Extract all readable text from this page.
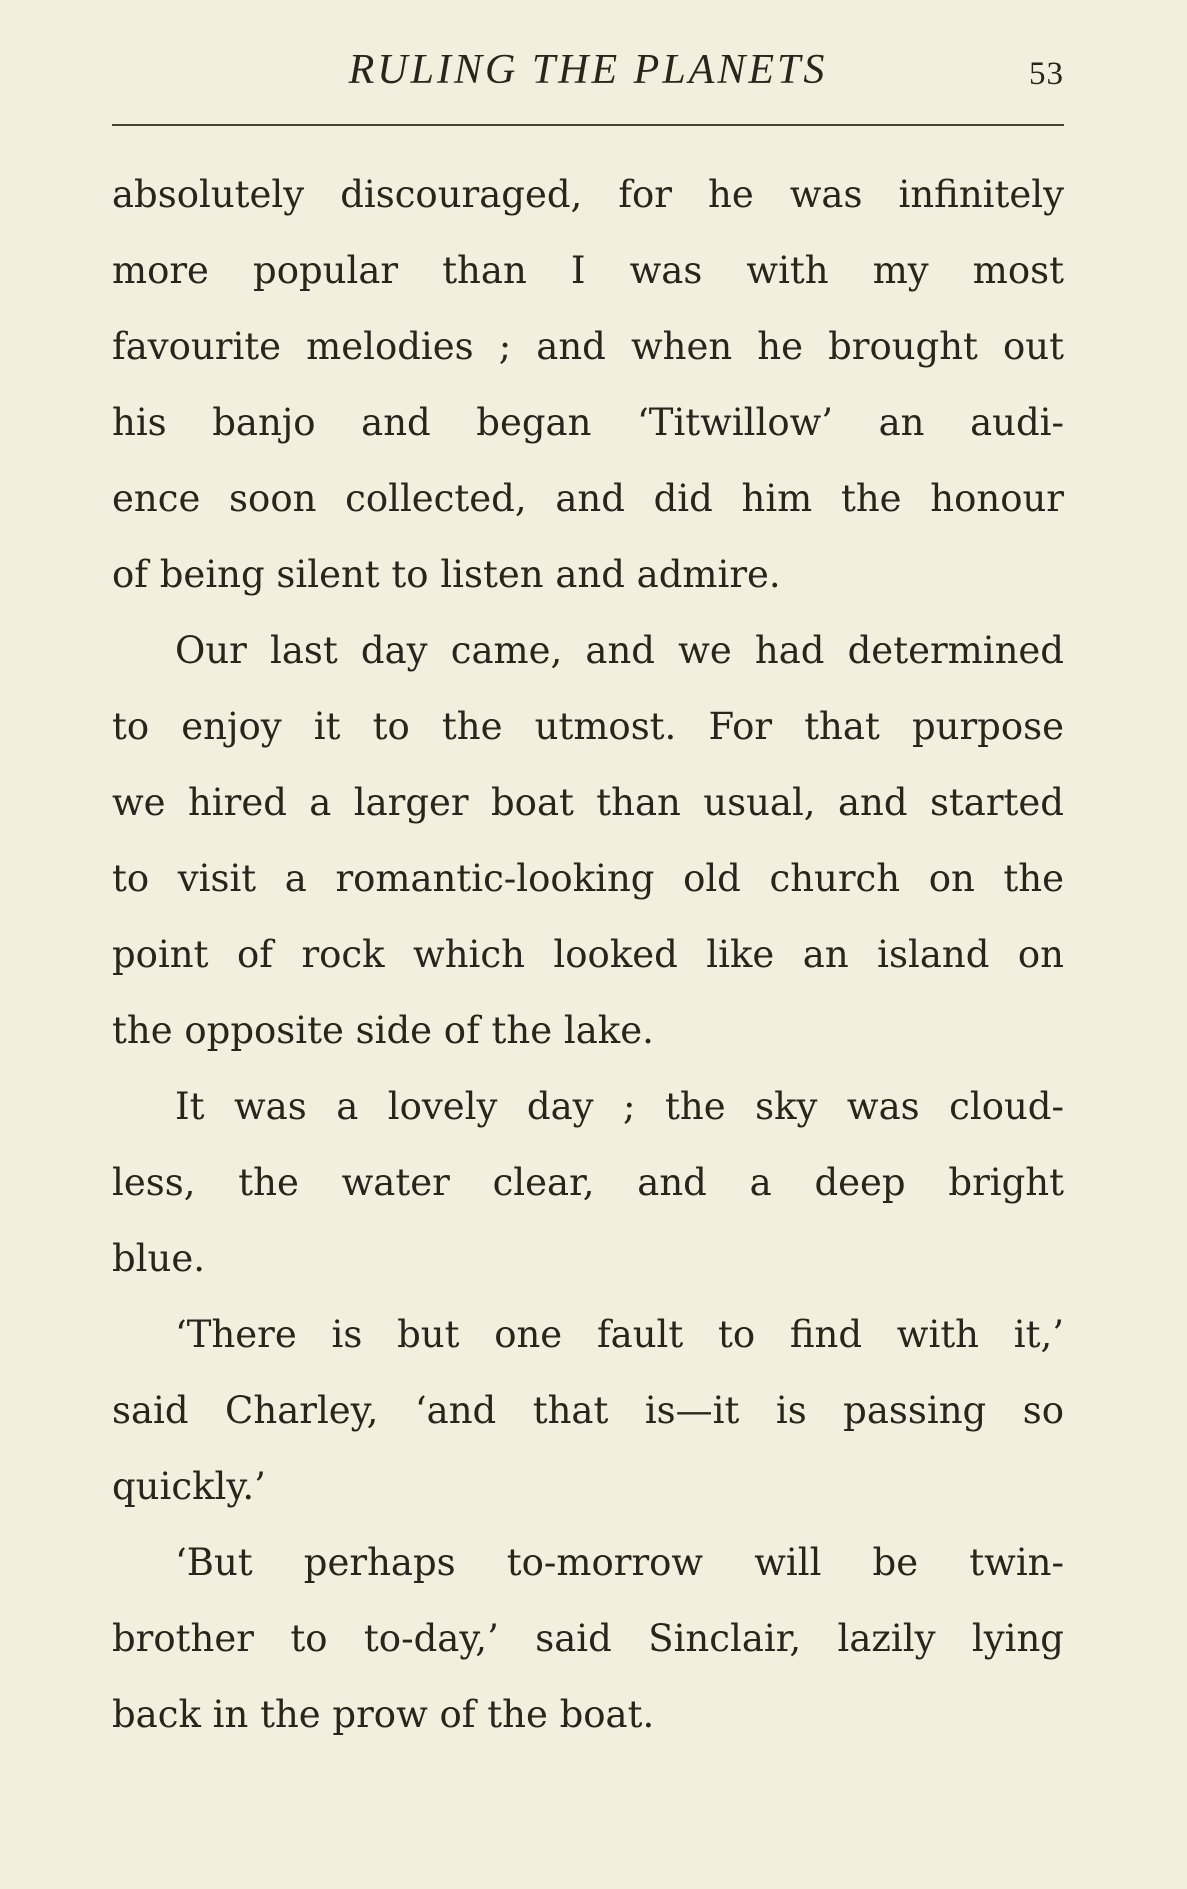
RULING THE PLANETS	53
absolutely discouraged, for he was infinitely
more popular than I was with my most
favourite melodies ; and when he brought out
his banjo and began ‘Titwillow’ an audi-
ence soon collected, and did him the honour
of being silent to listen and admire.
Our last day came, and we had determined
to enjoy it to the utmost. For that purpose
we hired a larger boat than usual, and started
to visit a romantic-looking old church on the
point of rock which looked like an island on
the opposite side of the lake.
It was a lovely day ; the sky was cloud-
less, the water clear, and a deep bright
blue.
‘There is but one fault to find with it,’
said Charley, ‘and that is—it is passing so
quickly.’
‘But perhaps to-morrow will be twin-
brother to to-day,’ said Sinclair, lazily lying
back in the prow of the boat.
